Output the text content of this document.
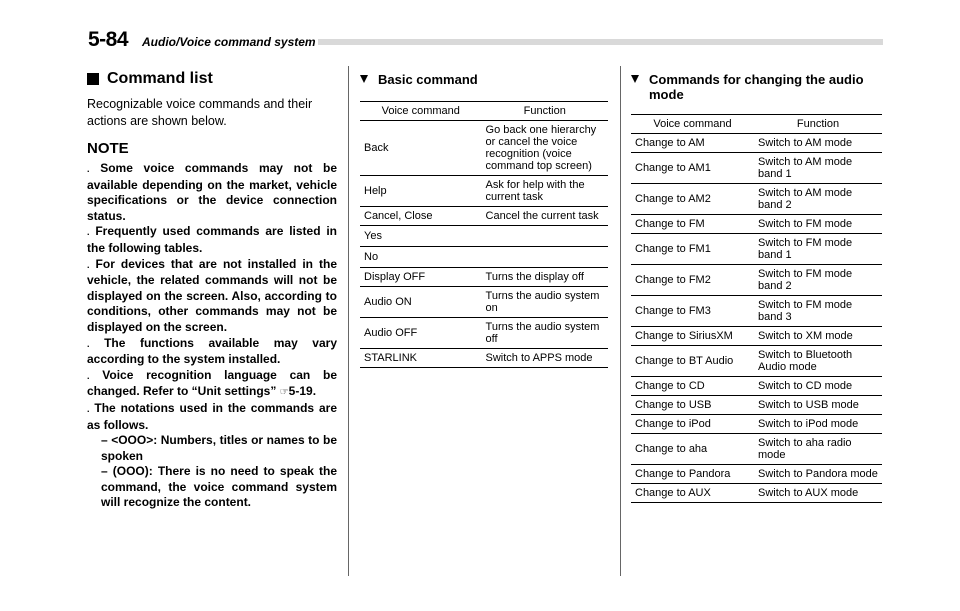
5-84 Audio/Voice command system
Command list
Recognizable voice commands and their actions are shown below.
NOTE
. Some voice commands may not be available depending on the market, vehicle specifications or the device connection status.
. Frequently used commands are listed in the following tables.
. For devices that are not installed in the vehicle, the related commands will not be displayed on the screen. Also, according to conditions, other commands may not be displayed on the screen.
. The functions available may vary according to the system installed.
. Voice recognition language can be changed. Refer to “Unit settings” ☞5-19.
. The notations used in the commands are as follows.
– <OOO>: Numbers, titles or names to be spoken
– (OOO): There is no need to speak the command, the voice command system will recognize the content.
Basic command
Voice command	Function
Back	Go back one hierarchy or cancel the voice recognition (voice command top screen)
Help	Ask for help with the current task
Cancel, Close	Cancel the current task
Yes	
No	
Display OFF	Turns the display off
Audio ON	Turns the audio system on
Audio OFF	Turns the audio system off
STARLINK	Switch to APPS mode
Commands for changing the audio mode
Voice command	Function
Change to AM	Switch to AM mode
Change to AM1	Switch to AM mode band 1
Change to AM2	Switch to AM mode band 2
Change to FM	Switch to FM mode
Change to FM1	Switch to FM mode band 1
Change to FM2	Switch to FM mode band 2
Change to FM3	Switch to FM mode band 3
Change to SiriusXM	Switch to XM mode
Change to BT Audio	Switch to Bluetooth Audio mode
Change to CD	Switch to CD mode
Change to USB	Switch to USB mode
Change to iPod	Switch to iPod mode
Change to aha	Switch to aha radio mode
Change to Pandora	Switch to Pandora mode
Change to AUX	Switch to AUX mode
